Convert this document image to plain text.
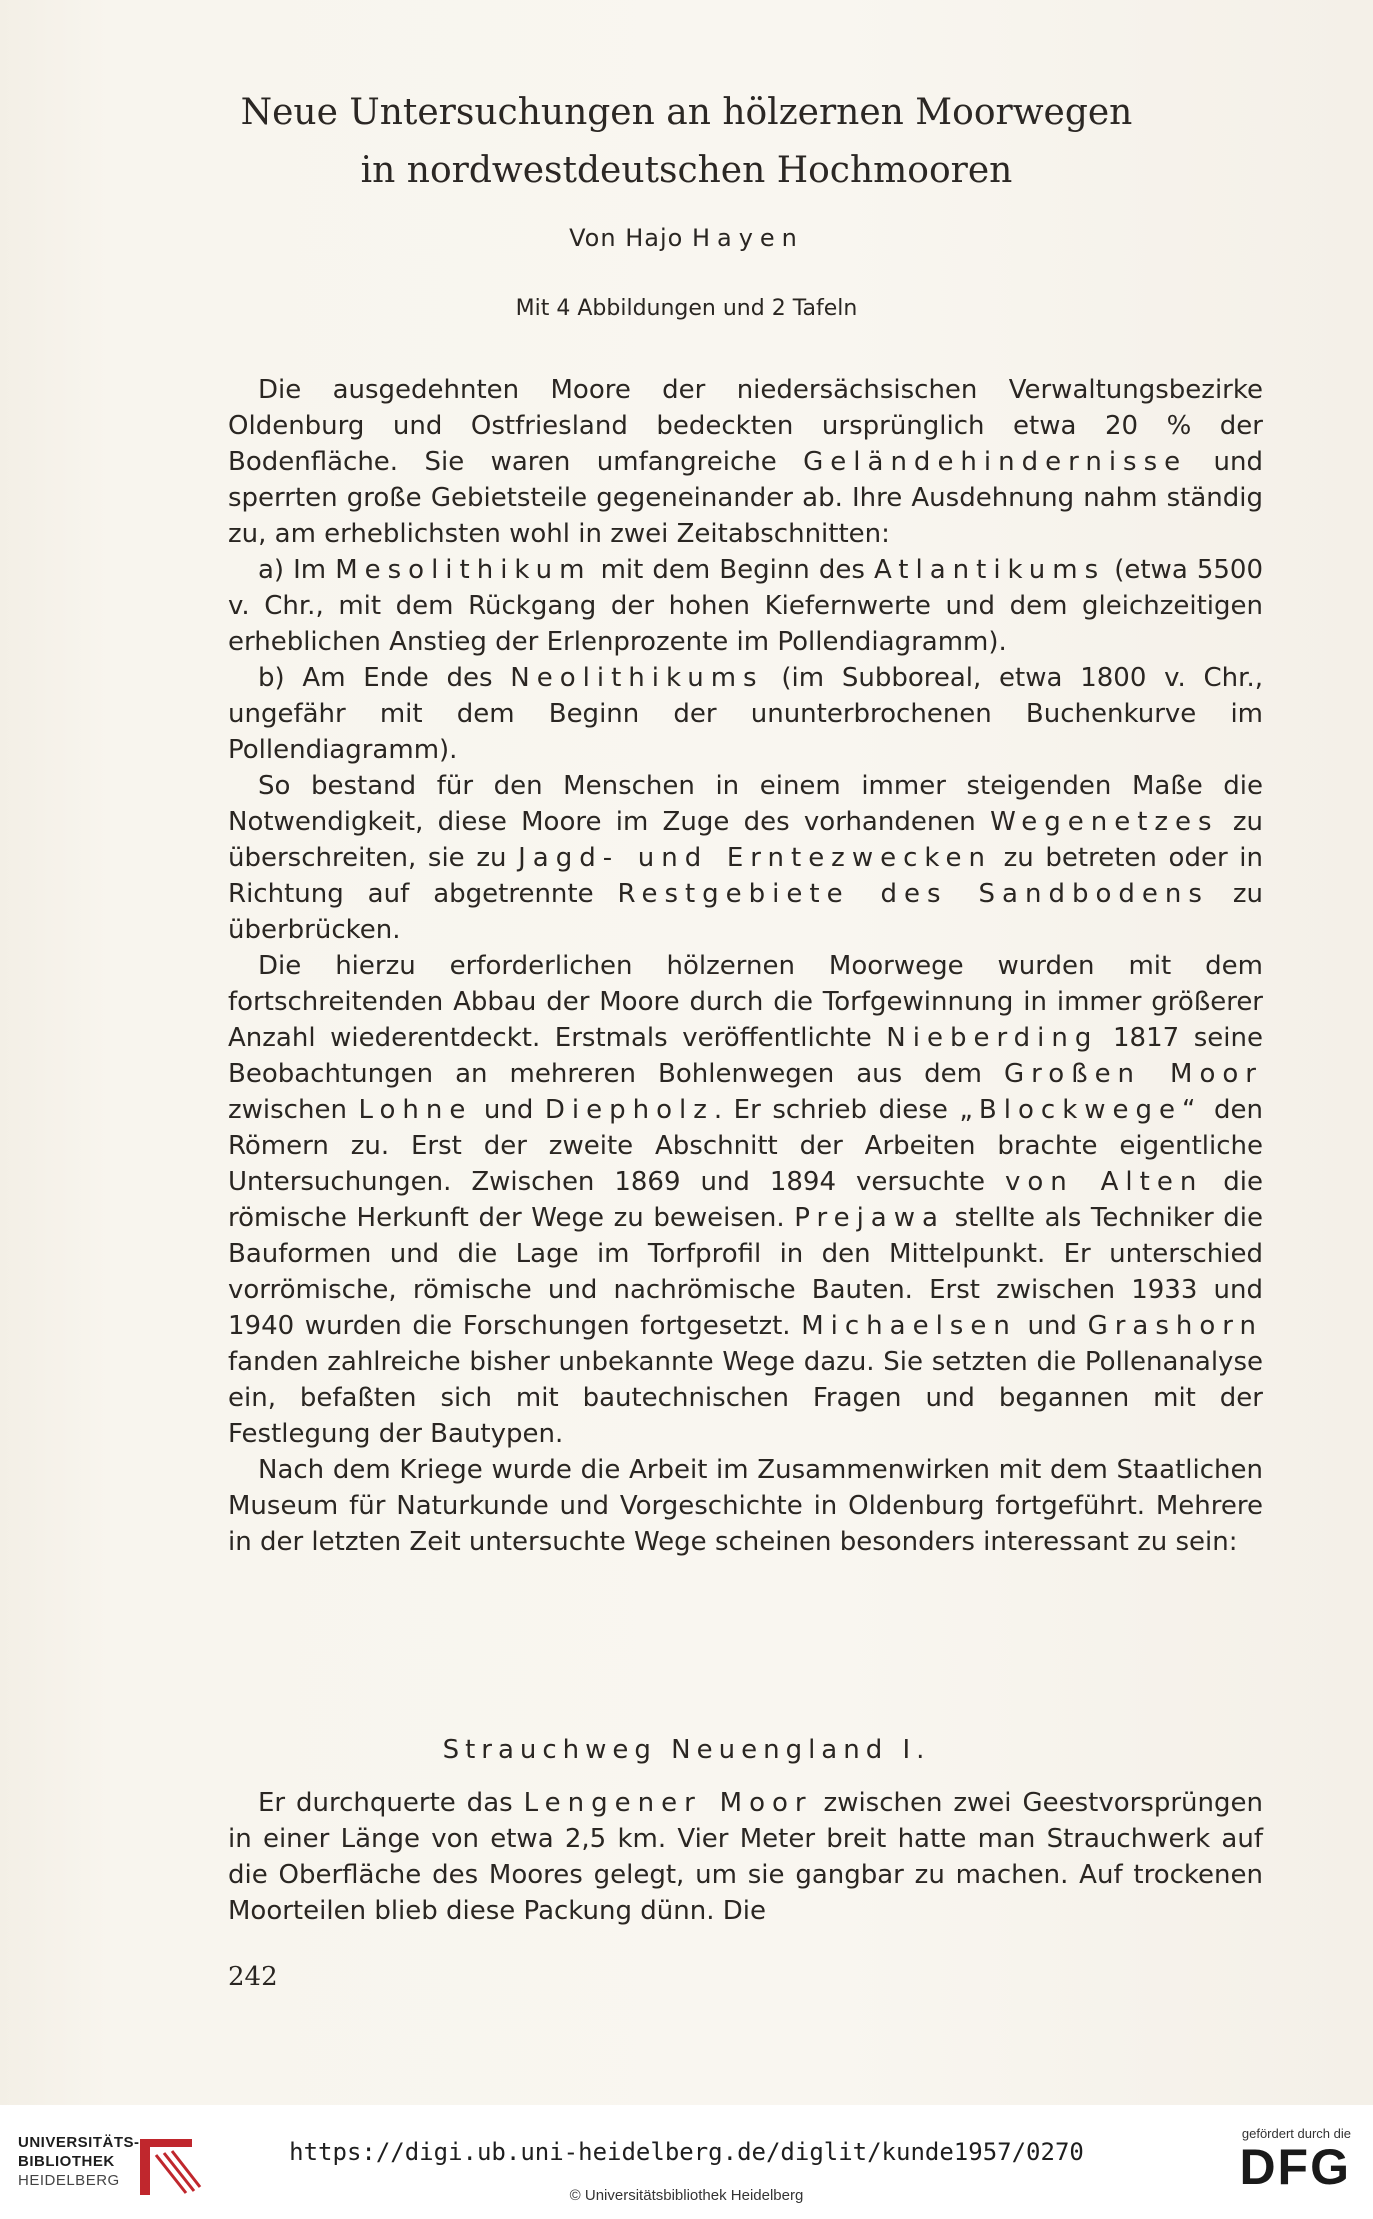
Neue Untersuchungen an hölzernen Moorwegen
in nordwestdeutschen Hochmooren
Von Hajo Hayen
Mit 4 Abbildungen und 2 Tafeln

Die ausgedehnten Moore der niedersächsischen Verwaltungsbezirke Oldenburg und Ostfriesland bedeckten ursprünglich etwa 20 % der Bodenfläche. Sie waren umfangreiche Geländehindernisse und sperrten große Gebietsteile gegeneinander ab. Ihre Ausdehnung nahm ständig zu, am erheblichsten wohl in zwei Zeitabschnitten:

a) Im Mesolithikum mit dem Beginn des Atlantikums (etwa 5500 v. Chr., mit dem Rückgang der hohen Kiefernwerte und dem gleichzeitigen erheblichen Anstieg der Erlenprozente im Pollendiagramm).

b) Am Ende des Neolithikums (im Subboreal, etwa 1800 v. Chr., ungefähr mit dem Beginn der ununterbrochenen Buchenkurve im Pollendiagramm).

So bestand für den Menschen in einem immer steigenden Maße die Notwendigkeit, diese Moore im Zuge des vorhandenen Wegenetzes zu überschreiten, sie zu Jagd- und Erntezwecken zu betreten oder in Richtung auf abgetrennte Restgebiete des Sandbodens zu überbrücken.

Die hierzu erforderlichen hölzernen Moorwege wurden mit dem fortschreitenden Abbau der Moore durch die Torfgewinnung in immer größerer Anzahl wiederentdeckt. Erstmals veröffentlichte Nieberding 1817 seine Beobachtungen an mehreren Bohlenwegen aus dem Großen Moor zwischen Lohne und Diepholz. Er schrieb diese „Blockwege“ den Römern zu. Erst der zweite Abschnitt der Arbeiten brachte eigentliche Untersuchungen. Zwischen 1869 und 1894 versuchte von Alten die römische Herkunft der Wege zu beweisen. Prejawa stellte als Techniker die Bauformen und die Lage im Torfprofil in den Mittelpunkt. Er unterschied vorrömische, römische und nachrömische Bauten. Erst zwischen 1933 und 1940 wurden die Forschungen fortgesetzt. Michaelsen und Grashorn fanden zahlreiche bisher unbekannte Wege dazu. Sie setzten die Pollenanalyse ein, befaßten sich mit bautechnischen Fragen und begannen mit der Festlegung der Bautypen.

Nach dem Kriege wurde die Arbeit im Zusammenwirken mit dem Staatlichen Museum für Naturkunde und Vorgeschichte in Oldenburg fortgeführt. Mehrere in der letzten Zeit untersuchte Wege scheinen besonders interessant zu sein:

Strauchweg Neuengland I.

Er durchquerte das Lengener Moor zwischen zwei Geestvorsprüngen in einer Länge von etwa 2,5 km. Vier Meter breit hatte man Strauchwerk auf die Oberfläche des Moores gelegt, um sie gangbar zu machen. Auf trockenen Moorteilen blieb diese Packung dünn. Die

242
UNIVERSITÄTS-
BIBLIOTHEK
HEIDELBERG
https://digi.ub.uni-heidelberg.de/diglit/kunde1957/0270
© Universitätsbibliothek Heidelberg
gefördert durch die
DFG
